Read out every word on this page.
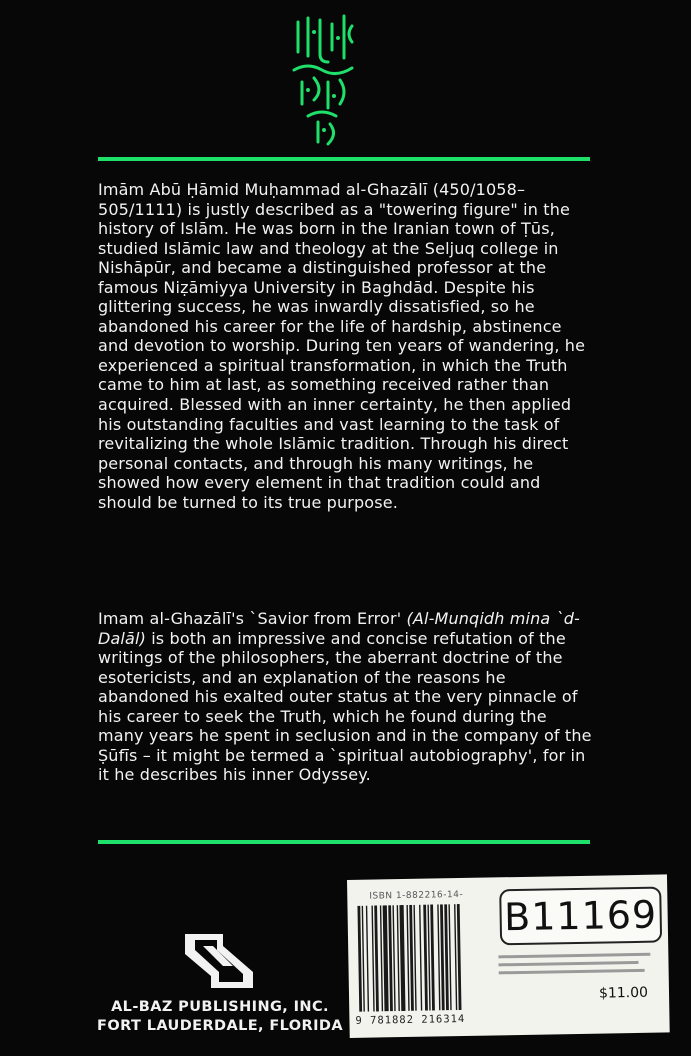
Imām Abū Ḥāmid Muḥammad al-Ghazālī (450/1058–505/1111) is justly described as a "towering figure" in the history of Islām. He was born in the Iranian town of Ṭūs, studied Islāmic law and theology at the Seljuq college in Nishāpūr, and became a distinguished professor at the famous Niẓāmiyya University in Baghdād. Despite his glittering success, he was inwardly dissatisfied, so he abandoned his career for the life of hardship, abstinence and devotion to worship. During ten years of wandering, he experienced a spiritual transformation, in which the Truth came to him at last, as something received rather than acquired. Blessed with an inner certainty, he then applied his outstanding faculties and vast learning to the task of revitalizing the whole Islāmic tradition. Through his direct personal contacts, and through his many writings, he showed how every element in that tradition could and should be turned to its true purpose.

Imam al-Ghazālī's `Savior from Error' (Al-Munqidh mina `d-Dalāl) is both an impressive and concise refutation of the writings of the philosophers, the aberrant doctrine of the esotericists, and an explanation of the reasons he abandoned his exalted outer status at the very pinnacle of his career to seek the Truth, which he found during the many years he spent in seclusion and in the company of the Ṣūfīs – it might be termed a `spiritual autobiography', for in it he describes his inner Odyssey.

AL-BAZ PUBLISHING, INC.

FORT LAUDERDALE, FLORIDA

ISBN 1-882216-14-
9 781882 216314
B11169
$11.00
